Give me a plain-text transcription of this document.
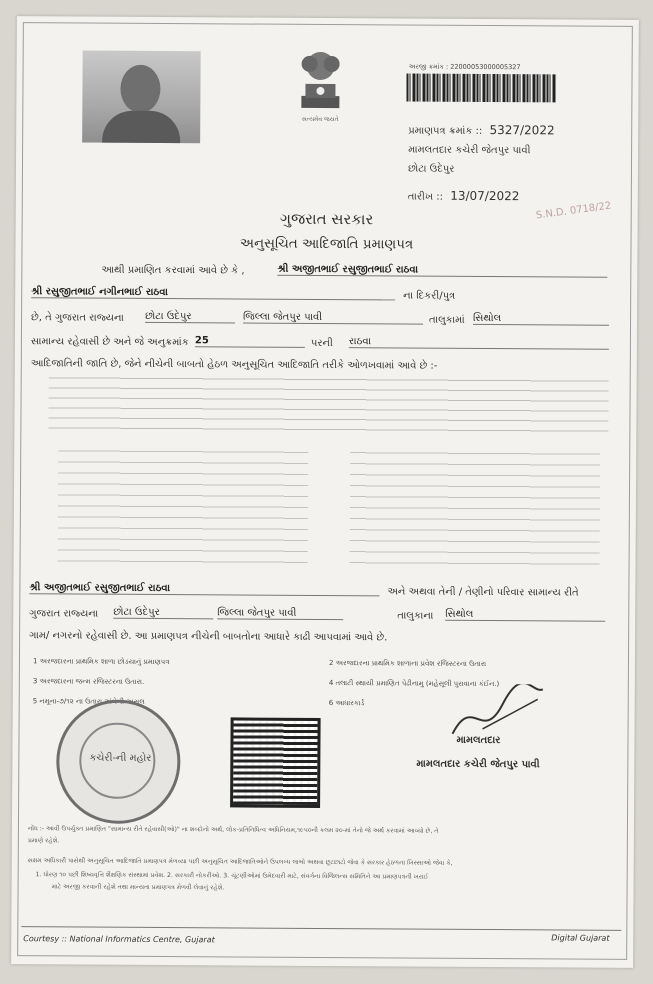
સત્યમેવ જયતે
અરજી ક્રમાંક : 22000053000005327
પ્રમાણપત્ર ક્રમાંક :: 5327/2022
મામલતદાર કચેરી જેતપુર પાવી
છોટા ઉદેપુર
તારીખ :: 13/07/2022
S.N.D. 0718/22
ગુજરાત સરકાર
અનુસૂચિત આદિજાતિ પ્રમાણપત્ર
આથી પ્રમાણિત કરવામાં આવે છે કે ,	શ્રી અજીતભાઈ રસુજીતભાઈ રાઠવા
શ્રી રસુજીતભાઈ નગીનભાઈ રાઠવા	ના દિકરી/પુત્ર
છે, તે ગુજરાત રાજ્યના છોટા ઉદેપુર	જિલ્લા જેતપુર પાવી	તાલુકામાં સિથોલ
સામાન્ય રહેવાસી છે અને જે અનુક્રમાંક 25	પરની રાઠવા
આદિજાતિની જાતિ છે, જેને નીચેની બાબતો હેઠળ અનુસૂચિત આદિજાતિ તરીકે ઓળખવામાં આવે છે :-
શ્રી અજીતભાઈ રસુજીતભાઈ રાઠવા	અને અથવા તેની / તેણીનો પરિવાર સામાન્ય રીતે
ગુજરાત રાજ્યના છોટા ઉદેપુર	જિલ્લા જેતપુર પાવી	તાલુકાના સિથોલ
ગામ/ નગરનો રહેવાસી છે. આ પ્રમાણપત્ર નીચેની બાબતોના આધારે કાઢી આપવામાં આવે છે.
1 અરજદારના પ્રાથમિક શાળા છોડયાનું પ્રમાણપત્ર	2 અરજદારના પ્રાથમિક શાળાના પ્રવેશ રજિસ્ટરના ઉતારા
3 અરજદારના જન્મ રજિસ્ટરના ઉતારા.	4 તલાટી સ્થાયી પ્રમાણિત પેઢીનામુ (મહેસૂલી પુરાવાના કંઈન.)
5 નમૂના-૭/૧૨ ના ઉતારા અંગેની અસલ	6 આધારકાર્ડ
કચેરી-ની મહોર
મામલતદાર
મામલતદાર કચેરી જેતપુર પાવી
નોંધ :- આવી ઉપર્યુક્ત પ્રમાણિત "સામાન્ય રીતે રહેવાસી(ઓ)" ના શબ્દોનો અર્થ, લોક-પ્રતિનિધિત્વ અધિનિયમ,૧૯૫૦ની કલમ ૨૦-માં તેનો જે અર્થ કરવામાં આવ્યો છે, તે
પ્રમાણે રહેશે.
સક્ષમ અધિકારી પાસેથી અનુસૂચિત આદિજાતિ પ્રમાણપત્ર મેળવ્યા પછી અનુસૂચિત આદિજાતિઓને ઉપલબ્ધ લાભો અથવા છૂટછાટો જેવા કે સરકાર હેઠળના ખિસ્સાઓ જેવા કે,
1. ધોરણ ૧૦ પછી શિષ્યવૃત્તિ શૈક્ષણિક સંસ્થામાં પ્રવેશ. 2. સરકારી નોકરીઓ. 3. ચૂંટણીઓમાં ઉમેદવારી માટે, સંવર્ગના વિજિલન્સ સમિતિને આ પ્રમાણપત્રની ખરાઈ
માટે અરજી કરવાની રહેશે તથા માન્યતા પ્રમાણપત્ર મેળવી લેવાનું રહેશે.
Courtesy :: National Informatics Centre, Gujarat	Digital Gujarat
